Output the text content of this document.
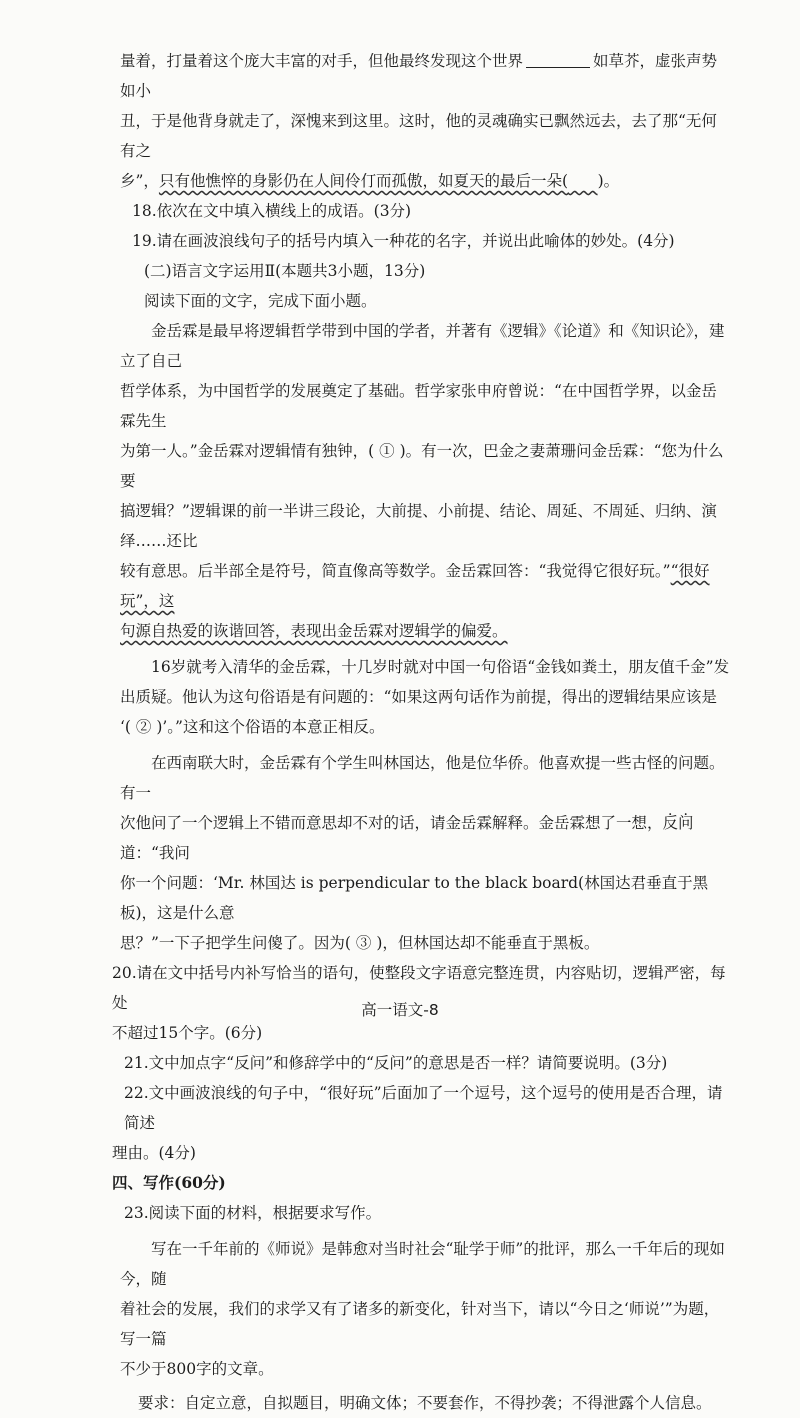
量着，打量着这个庞大丰富的对手，但他最终发现这个世界	如草芥，虚张声势如小

丑，于是他背身就走了，深愧来到这里。这时，他的灵魂确实已飘然远去，去了那“无何有之

乡”，只有他憔悴的身影仍在人间伶仃而孤傲，如夏天的最后一朵( )。

18.依次在文中填入横线上的成语。(3分)

19.请在画波浪线句子的括号内填入一种花的名字，并说出此喻体的妙处。(4分)

(二)语言文字运用Ⅱ(本题共3小题，13分)

阅读下面的文字，完成下面小题。

金岳霖是最早将逻辑哲学带到中国的学者，并著有《逻辑》《论道》和《知识论》，建立了自己

哲学体系，为中国哲学的发展奠定了基础。哲学家张申府曾说：“在中国哲学界，以金岳霖先生

为第一人。”金岳霖对逻辑情有独钟，( ① )。有一次，巴金之妻萧珊问金岳霖：“您为什么要

搞逻辑？”逻辑课的前一半讲三段论，大前提、小前提、结论、周延、不周延、归纳、演绎……还比

较有意思。后半部全是符号，简直像高等数学。金岳霖回答：“我觉得它很好玩。”“很好玩”，这

句源自热爱的诙谐回答，表现出金岳霖对逻辑学的偏爱。

16岁就考入清华的金岳霖，十几岁时就对中国一句俗语“金钱如粪土，朋友值千金”发

出质疑。他认为这句俗语是有问题的：“如果这两句话作为前提，得出的逻辑结果应该是

‘( ② )’。”这和这个俗语的本意正相反。

在西南联大时，金岳霖有个学生叫林国达，他是位华侨。他喜欢提一些古怪的问题。有一

次他问了一个逻辑上不错而意思却不对的话，请金岳霖解释。金岳霖想了一想，反问道：“我问

你一个问题：‘Mr. 林国达 is perpendicular to the black board(林国达君垂直于黑板)，这是什么意

思？”一下子把学生问傻了。因为( ③ )，但林国达却不能垂直于黑板。

20.请在文中括号内补写恰当的语句，使整段文字语意完整连贯，内容贴切，逻辑严密，每处

不超过15个字。(6分)

21.文中加点字“反问”和修辞学中的“反问”的意思是否一样？请简要说明。(3分)

22.文中画波浪线的句子中，“很好玩”后面加了一个逗号，这个逗号的使用是否合理，请简述

理由。(4分)

四、写作(60分)

23.阅读下面的材料，根据要求写作。

写在一千年前的《师说》是韩愈对当时社会“耻学于师”的批评，那么一千年后的现如今，随

着社会的发展，我们的求学又有了诸多的新变化，针对当下，请以“今日之‘师说’”为题，写一篇

不少于800字的文章。

要求：自定立意，自拟题目，明确文体；不要套作，不得抄袭；不得泄露个人信息。

高一语文-8
